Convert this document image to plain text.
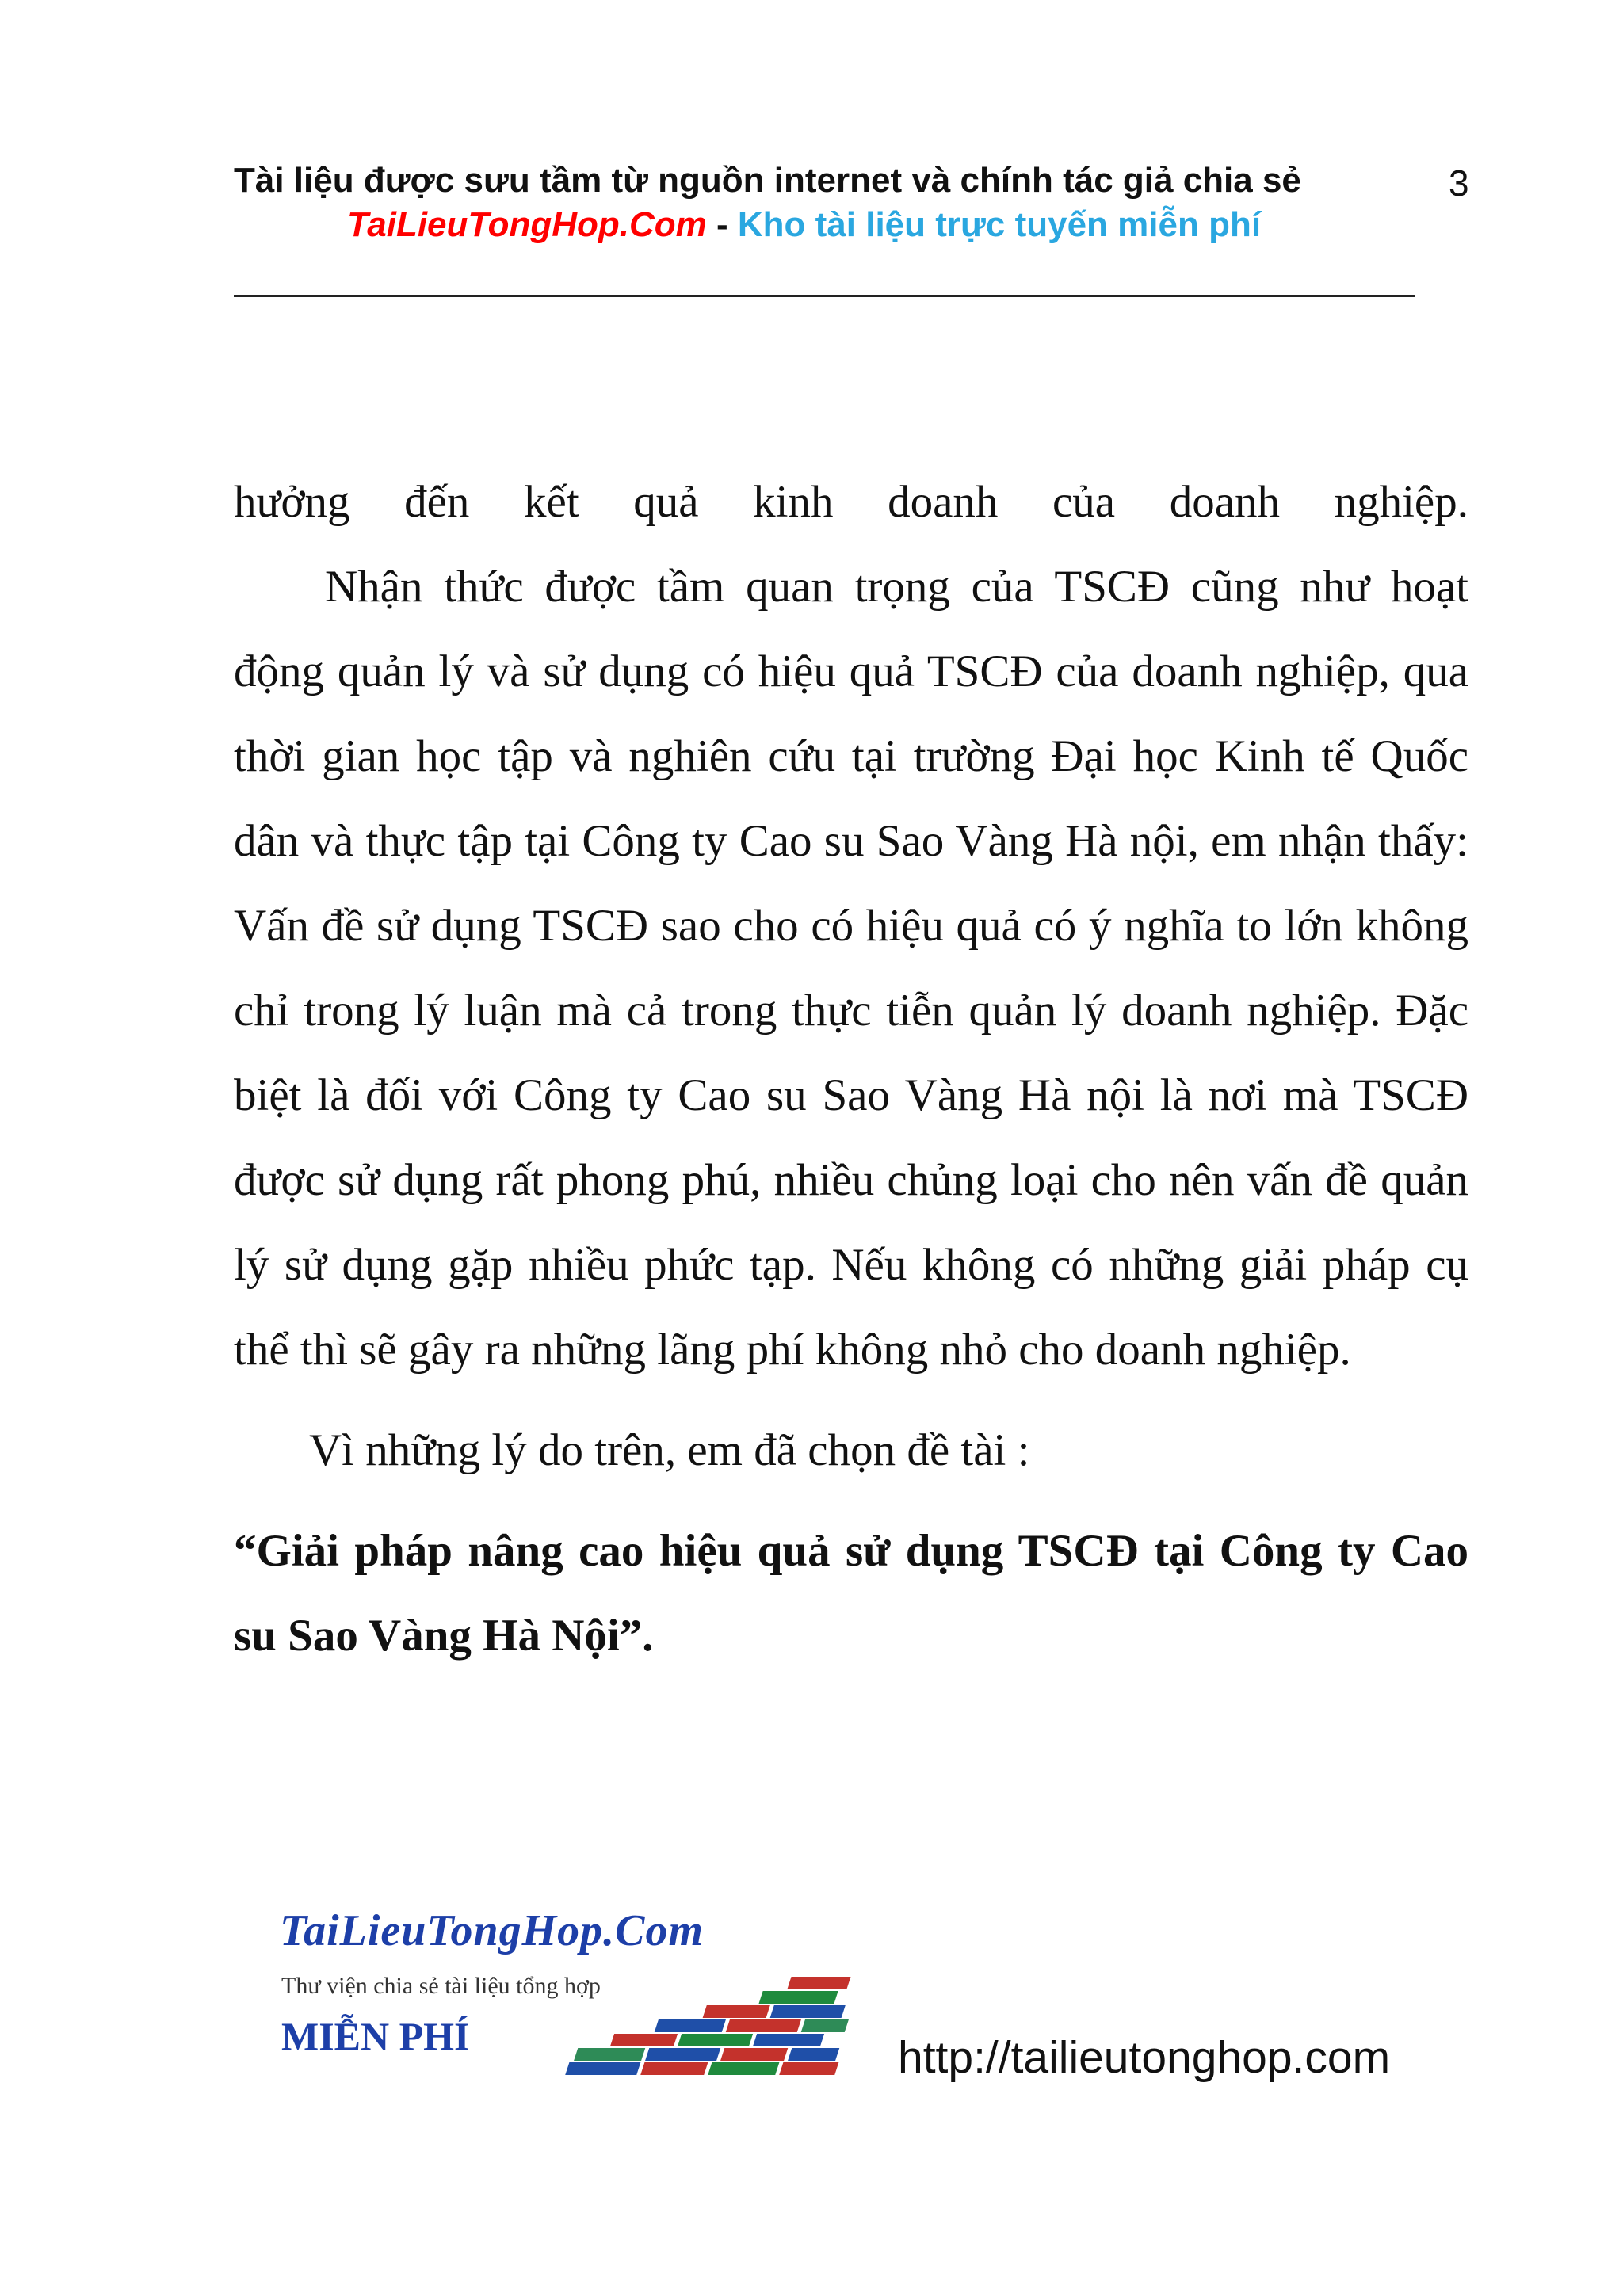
Tài liệu được sưu tầm từ nguồn internet và chính tác giả chia sẻ	3
TaiLieuTongHop.Com - Kho tài liệu trực tuyến miễn phí

hưởng đến kết quả kinh doanh của doanh nghiệp.

Nhận thức được tầm quan trọng của TSCĐ cũng như hoạt động quản lý và sử dụng có hiệu quả TSCĐ của doanh nghiệp, qua thời gian học tập và nghiên cứu tại trường Đại học Kinh tế Quốc dân và thực tập tại Công ty Cao su Sao Vàng Hà nội, em nhận thấy: Vấn đề sử dụng TSCĐ sao cho có hiệu quả có ý nghĩa to lớn không chỉ trong lý luận mà cả trong thực tiễn quản lý doanh nghiệp. Đặc biệt là đối với Công ty Cao su Sao Vàng Hà nội là nơi mà TSCĐ được sử dụng rất phong phú, nhiều chủng loại cho nên vấn đề quản lý sử dụng gặp nhiều phức tạp. Nếu không có những giải pháp cụ thể thì sẽ gây ra những lãng phí không nhỏ cho doanh nghiệp.

Vì những lý do trên, em đã chọn đề tài :

“Giải pháp nâng cao hiệu quả sử dụng TSCĐ tại Công ty Cao su Sao Vàng Hà Nội”.

TaiLieuTongHop.Com
Thư viện chia sẻ tài liệu tổng hợp
MIỄN PHÍ	http://tailieutonghop.com
